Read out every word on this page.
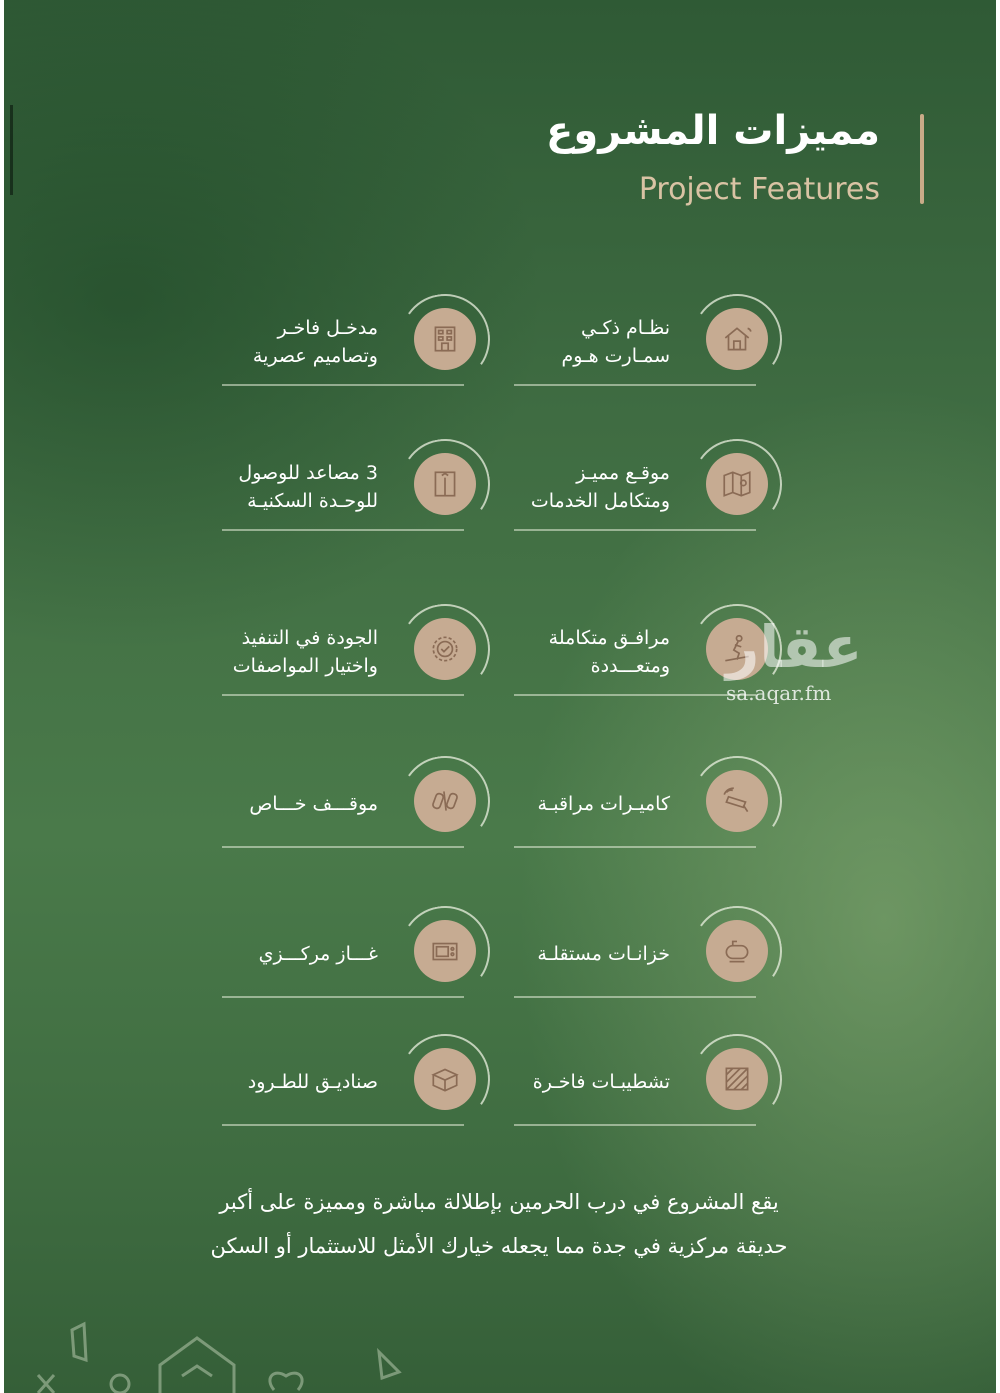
مميزات المشروع
Project Features
نظـام ذكـي
سمـارت هـوم
مدخـل فاخـر
وتصاميم عصرية
موقـع مميـز
ومتكامل الخدمات
3 مصاعد للوصول
للوحـدة السكنيـة
مرافـق متكاملة
ومتعـــددة
الجودة في التنفيذ
واختيار المواصفات
كاميـرات مراقبـة
موقـــف خـــاص
خزانـات مستقلـة
غـــاز مركـــزي
تشطيبـات فاخـرة
صناديـق للطـرود
عقار
sa.aqar.fm
يقع المشروع في درب الحرمين بإطلالة مباشرة ومميزة على أكبر
حديقة مركزية في جدة مما يجعله خيارك الأمثل للاستثمار أو السكن
